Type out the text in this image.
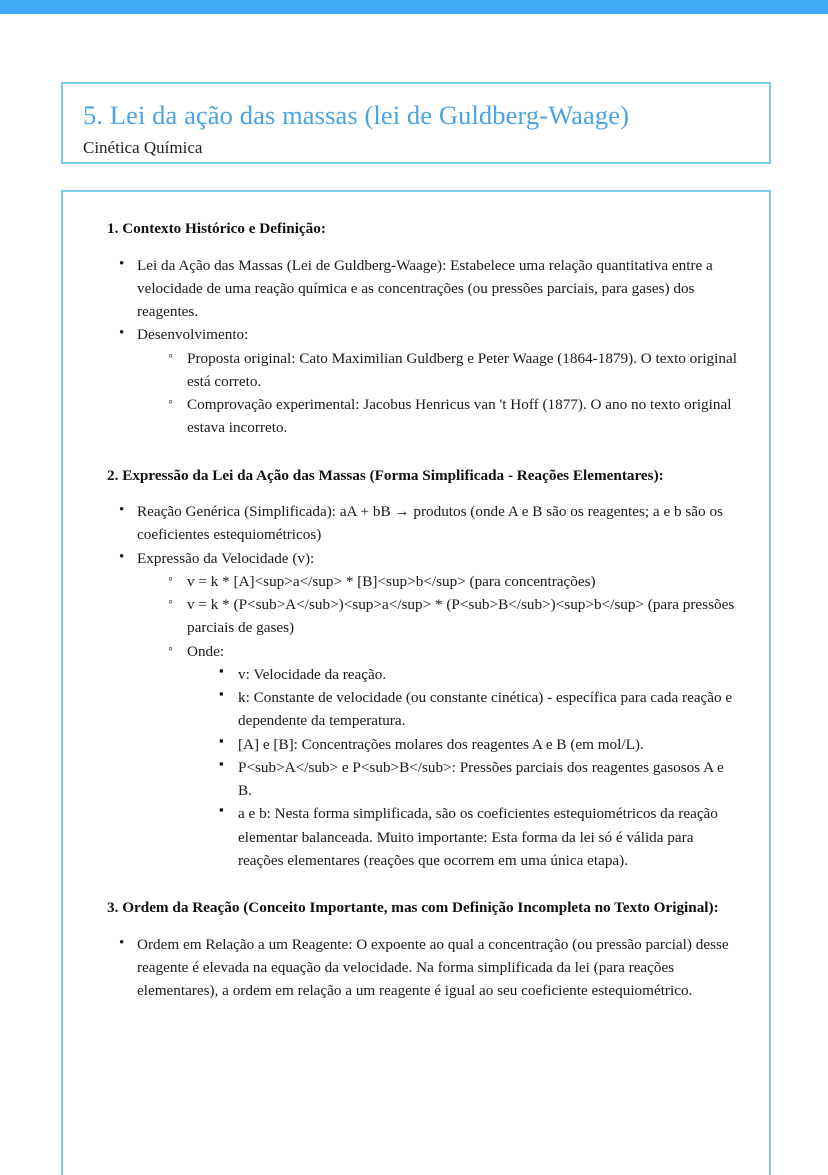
5. Lei da ação das massas (lei de Guldberg-Waage)
Cinética Química
1. Contexto Histórico e Definição:
• Lei da Ação das Massas (Lei de Guldberg-Waage): Estabelece uma relação quantitativa entre a velocidade de uma reação química e as concentrações (ou pressões parciais, para gases) dos reagentes.
• Desenvolvimento:
◦ Proposta original: Cato Maximilian Guldberg e Peter Waage (1864-1879). O texto original está correto.
◦ Comprovação experimental: Jacobus Henricus van 't Hoff (1877). O ano no texto original estava incorreto.
2. Expressão da Lei da Ação das Massas (Forma Simplificada - Reações Elementares):
• Reação Genérica (Simplificada): aA + bB → produtos (onde A e B são os reagentes; a e b são os coeficientes estequiométricos)
• Expressão da Velocidade (v):
◦ v = k * [A]<sup>a</sup> * [B]<sup>b</sup> (para concentrações)
◦ v = k * (P<sub>A</sub>)<sup>a</sup> * (P<sub>B</sub>)<sup>b</sup> (para pressões parciais de gases)
◦ Onde:
▪ v: Velocidade da reação.
▪ k: Constante de velocidade (ou constante cinética) - específica para cada reação e dependente da temperatura.
▪ [A] e [B]: Concentrações molares dos reagentes A e B (em mol/L).
▪ P<sub>A</sub> e P<sub>B</sub>: Pressões parciais dos reagentes gasosos A e B.
▪ a e b: Nesta forma simplificada, são os coeficientes estequiométricos da reação elementar balanceada. Muito importante: Esta forma da lei só é válida para reações elementares (reações que ocorrem em uma única etapa).
3. Ordem da Reação (Conceito Importante, mas com Definição Incompleta no Texto Original):
• Ordem em Relação a um Reagente: O expoente ao qual a concentração (ou pressão parcial) desse reagente é elevada na equação da velocidade. Na forma simplificada da lei (para reações elementares), a ordem em relação a um reagente é igual ao seu coeficiente estequiométrico.
